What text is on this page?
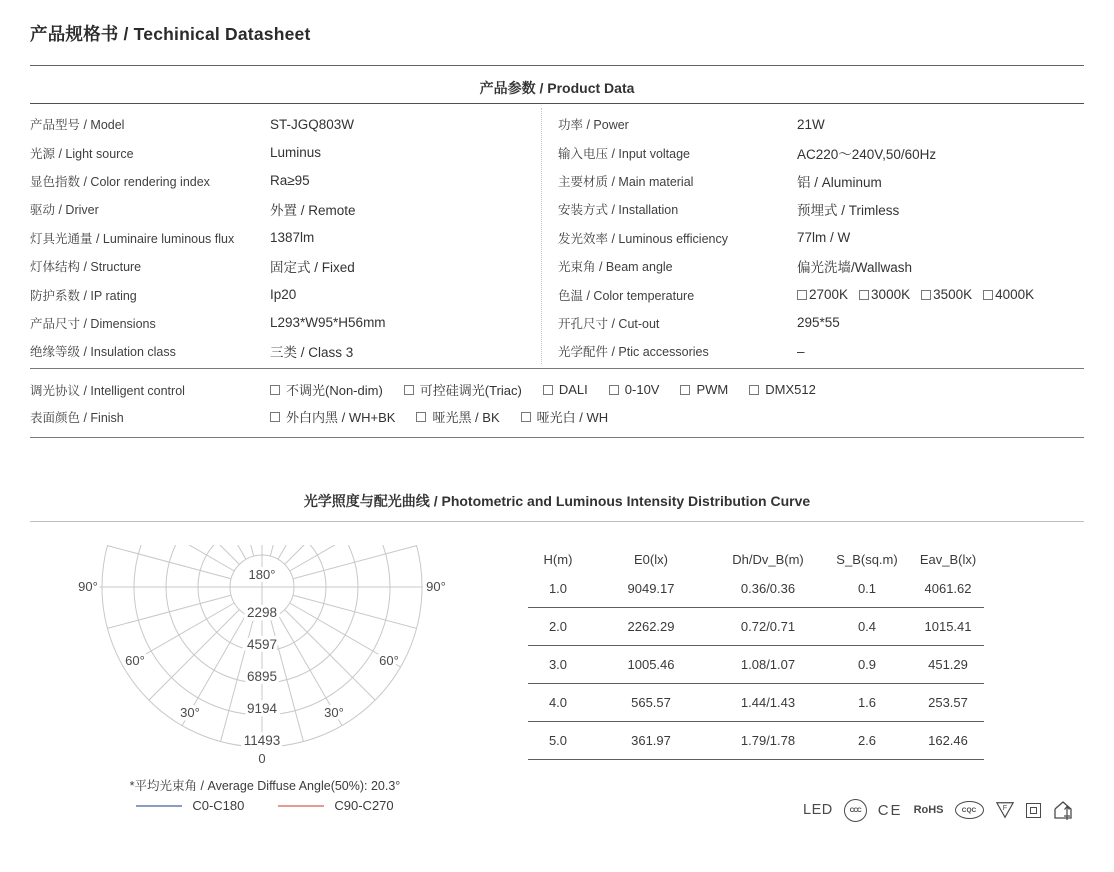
产品规格书 / Techinical Datasheet
产品参数 / Product Data
产品型号 / Model	ST-JGQ803W
光源 / Light source	Luminus
显色指数 / Color rendering index	Ra≥95
驱动 / Driver	外置 / Remote
灯具光通量 / Luminaire luminous flux	1387lm
灯体结构 / Structure	固定式 / Fixed
防护系数 / IP rating	Ip20
产品尺寸 / Dimensions	L293*W95*H56mm
绝缘等级 / Insulation class	三类 / Class 3
功率 / Power	21W
输入电压 / Input voltage	AC220～240V,50/60Hz
主要材质 / Main material	铝 / Aluminum
安装方式 / Installation	预埋式 / Trimless
发光效率 / Luminous efficiency	77lm / W
光束角 / Beam angle	偏光洗墙/Wallwash
色温 / Color temperature	2700K 3000K 3500K 4000K
开孔尺寸 / Cut-out	295*55
光学配件 / Ptic accessories	–
调光协议 / Intelligent control	不调光(Non-dim)	可控硅调光(Triac)	DALI	0-10V	PWM	DMX512
表面颜色 / Finish	外白内黑 / WH+BK	哑光黑 / BK	哑光白 / WH
光学照度与配光曲线 / Photometric and Luminous Intensity Distribution Curve
2298
4597
6895
9194
11493
180°
0
90°	90°
60°	60°
30°	30°
*平均光束角 / Average Diffuse Angle(50%): 20.3°
C0-C180	C90-C270
H(m)	E0(lx)	Dh/Dv_B(m)	S_B(sq.m)	Eav_B(lx)
1.0	9049.17	0.36/0.36	0.1	4061.62
2.0	2262.29	0.72/0.71	0.4	1015.41
3.0	1005.46	1.08/1.07	0.9	451.29
4.0	565.57	1.44/1.43	1.6	253.57
5.0	361.97	1.79/1.78	2.6	162.46
LED	CCC	CE RoHS	CQC	F
